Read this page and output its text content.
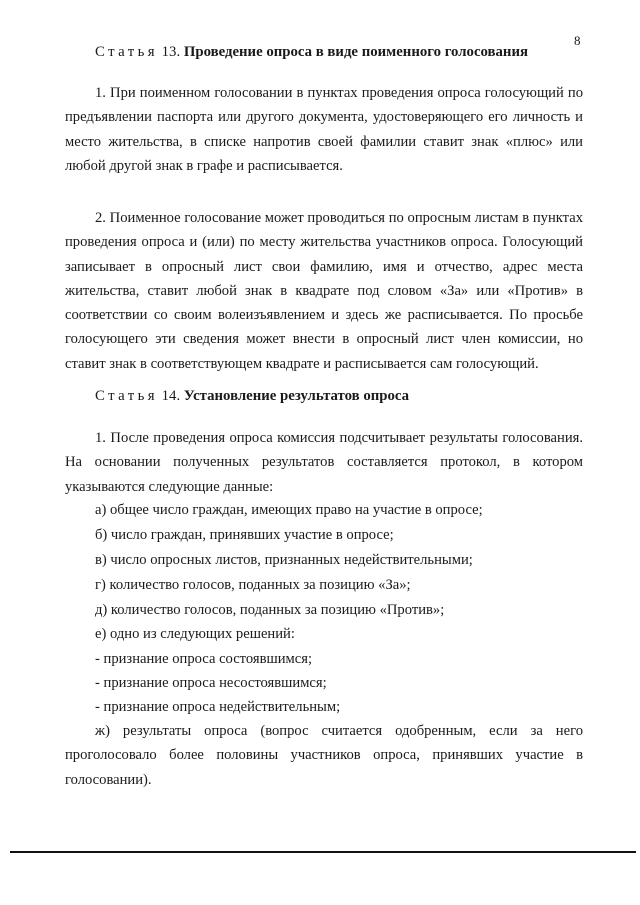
8
Статья 13. Проведение опроса в виде поименного голосования

1. При поименном голосовании в пунктах проведения опроса голосующий по предъявлении паспорта или другого документа, удостоверяющего его личность и место жительства, в списке напротив своей фамилии ставит знак «плюс» или любой другой знак в графе и расписывается.

2. Поименное голосование может проводиться по опросным листам в пунктах проведения опроса и (или) по месту жительства участников опроса. Голосующий записывает в опросный лист свои фамилию, имя и отчество, адрес места жительства, ставит любой знак в квадрате под словом «За» или «Против» в соответствии со своим волеизъявлением и здесь же расписывается. По просьбе голосующего эти сведения может внести в опросный лист член комиссии, но ставит знак в соответствующем квадрате и расписывается сам голосующий.

Статья 14. Установление результатов опроса

1. После проведения опроса комиссия подсчитывает результаты голосования. На основании полученных результатов составляется протокол, в котором указываются следующие данные:

а) общее число граждан, имеющих право на участие в опросе;
б) число граждан, принявших участие в опросе;
в) число опросных листов, признанных недействительными;
г) количество голосов, поданных за позицию «За»;
д) количество голосов, поданных за позицию «Против»;
е) одно из следующих решений:
- признание опроса состоявшимся;
- признание опроса несостоявшимся;
- признание опроса недействительным;

ж) результаты опроса (вопрос считается одобренным, если за него проголосовало более половины участников опроса, принявших участие в голосовании).
